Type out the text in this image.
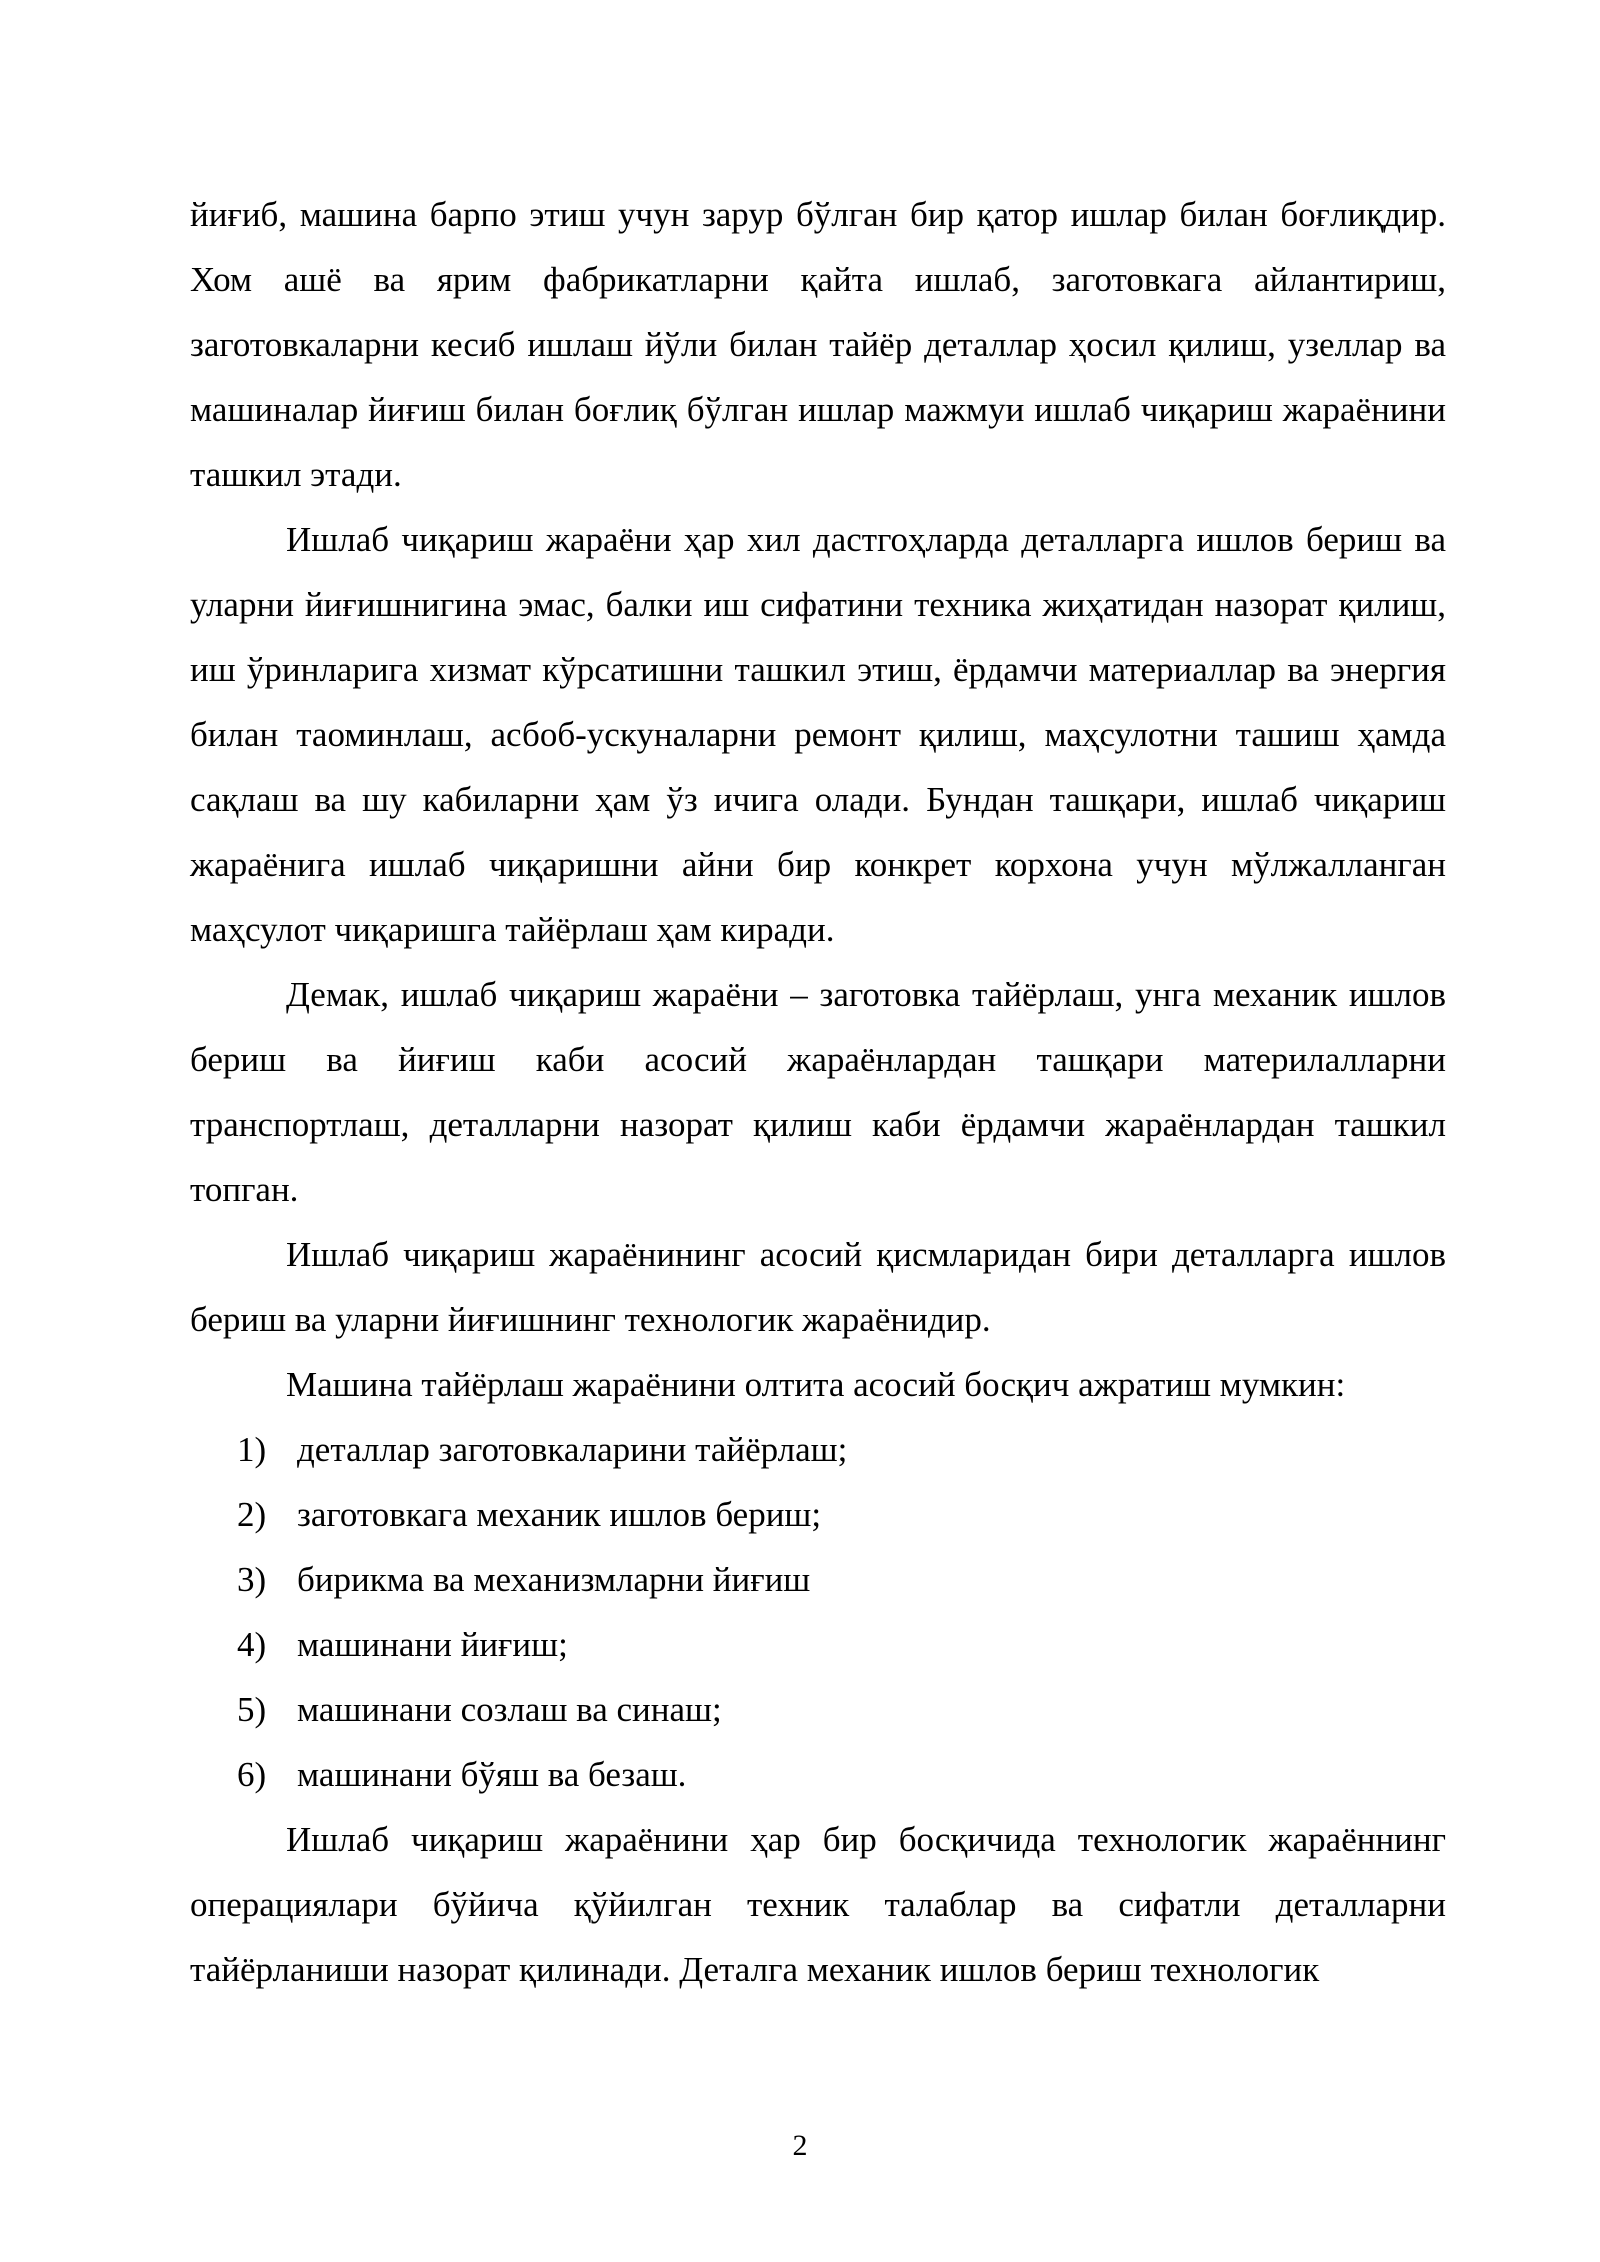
йиғиб, машина барпо этиш учун зарур бўлган бир қатор ишлар билан боғлиқдир. Хом ашё ва ярим фабрикатларни қайта ишлаб, заготовкага айлантириш, заготовкаларни кесиб ишлаш йўли билан тайёр деталлар ҳосил қилиш, узеллар ва машиналар йиғиш билан боғлиқ бўлган ишлар мажмуи ишлаб чиқариш жараёнини ташкил этади.

Ишлаб чиқариш жараёни ҳар хил дастгоҳларда деталларга ишлов бериш ва уларни йиғишнигина эмас, балки иш сифатини техника жиҳатидан назорат қилиш, иш ўринларига хизмат кўрсатишни ташкил этиш, ёрдамчи материаллар ва энергия билан таоминлаш, асбоб-ускуналарни ремонт қилиш, маҳсулотни ташиш ҳамда сақлаш ва шу кабиларни ҳам ўз ичига олади. Бундан ташқари, ишлаб чиқариш жараёнига ишлаб чиқаришни айни бир конкрет корхона учун мўлжалланган маҳсулот чиқаришга тайёрлаш ҳам киради.

Демак, ишлаб чиқариш жараёни – заготовка тайёрлаш, унга механик ишлов бериш ва йиғиш каби асосий жараёнлардан ташқари материлалларни транспортлаш, деталларни назорат қилиш каби ёрдамчи жараёнлардан ташкил топган.

Ишлаб чиқариш жараёнининг асосий қисмларидан бири деталларга ишлов бериш ва уларни йиғишнинг технологик жараёнидир.

Машина тайёрлаш жараёнини олтита асосий босқич ажратиш мумкин:

1) деталлар заготовкаларини тайёрлаш;
2) заготовкага механик ишлов бериш;
3) бирикма ва механизмларни йиғиш
4) машинани йиғиш;
5) машинани созлаш ва синаш;
6) машинани бўяш ва безаш.

Ишлаб чиқариш жараёнини ҳар бир босқичида технологик жараённинг операциялари бўйича қўйилган техник талаблар ва сифатли деталларни тайёрланиши назорат қилинади. Деталга механик ишлов бериш технологик

2
